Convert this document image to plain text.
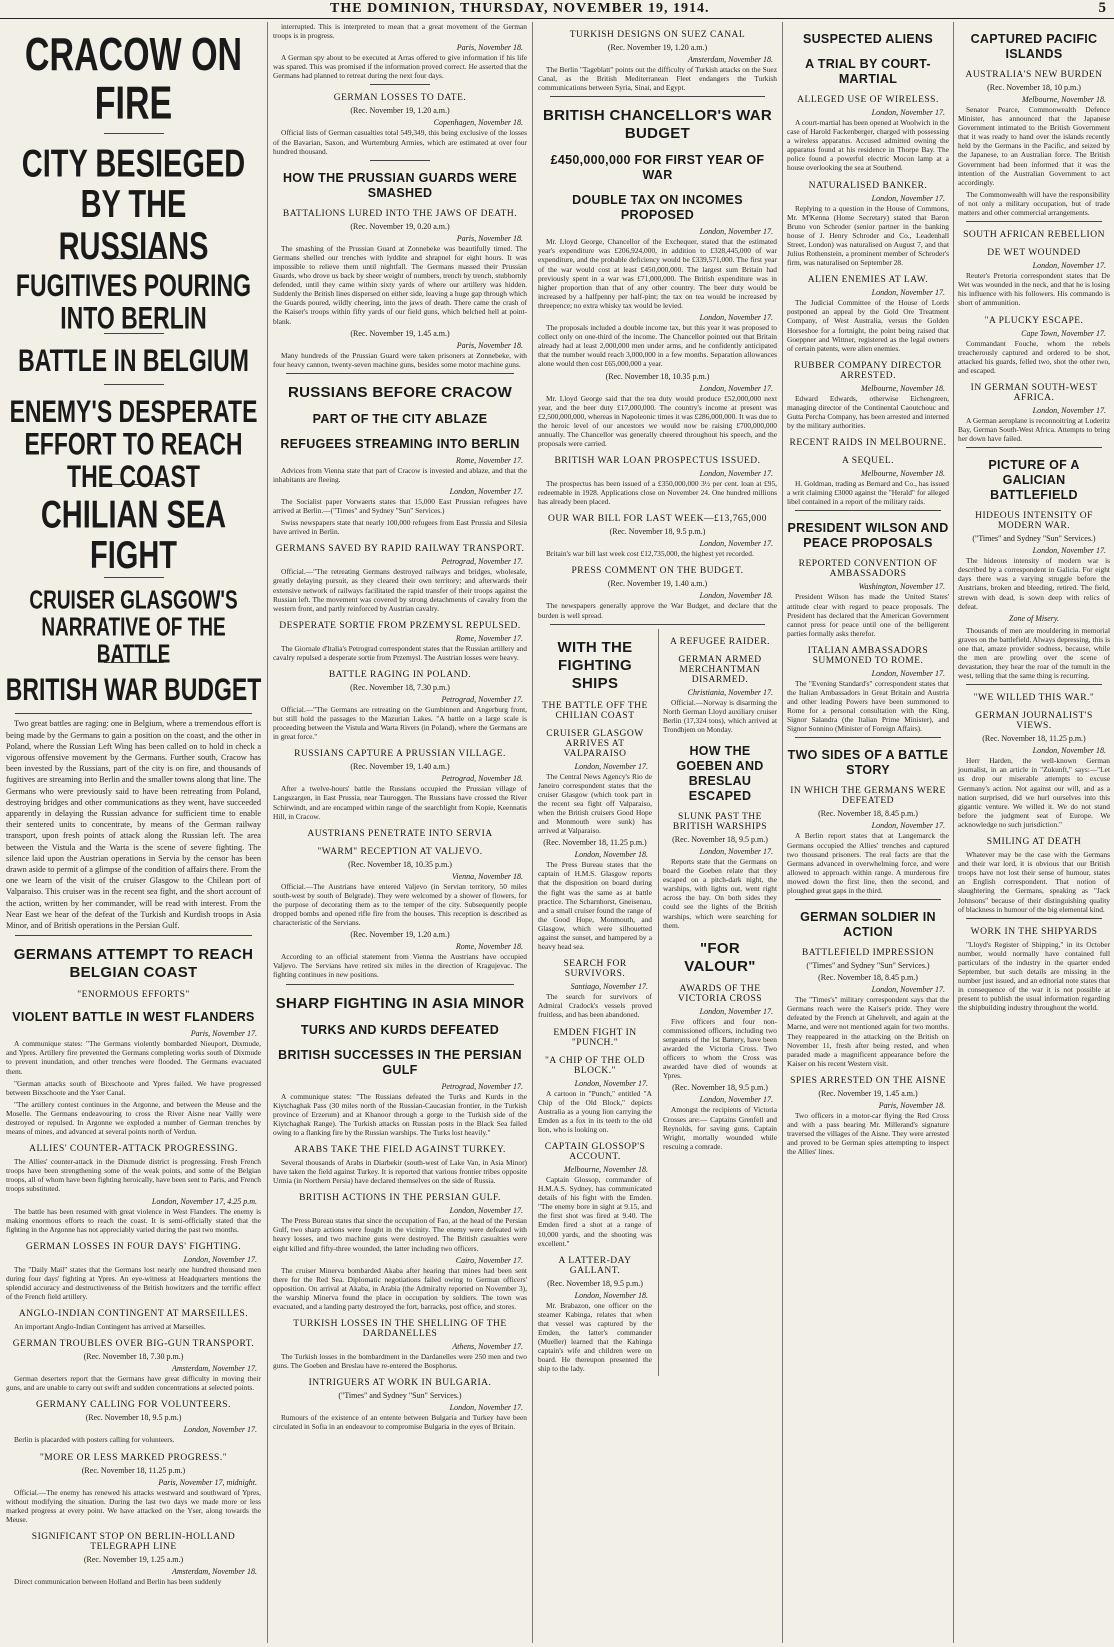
THE DOMINION, THURSDAY, NOVEMBER 19, 1914.	5
CRACOW ON FIRE
CITY BESIEGED BY THE RUSSIANS
FUGITIVES POURING INTO BERLIN
BATTLE IN BELGIUM
ENEMY'S DESPERATE EFFORT TO REACH THE COAST
CHILIAN SEA FIGHT
CRUISER GLASGOW'S NARRATIVE OF THE BATTLE
BRITISH WAR BUDGET

Two great battles are raging: one in Belgium, where a tremendous effort is being made by the Germans to gain a position on the coast, and the other in Poland, where the Russian Left Wing has been called on to hold in check a vigorous offensive movement by the Germans. Further south, Cracow has been invested by the Russians, part of the city is on fire, and thousands of fugitives are streaming into Berlin and the smaller towns along that line. The Germans who were previously said to have been retreating from Poland, destroying bridges and other communications as they went, have succeeded apparently in delaying the Russian advance for sufficient time to enable their sentered units to concentrate, by means of the German railway transport, upon fresh points of attack along the Russian left. The area between the Vistula and the Warta is the scene of severe fighting. The silence laid upon the Austrian operations in Servia by the censor has been drawn aside to permit of a glimpse of the condition of affairs there. From the one we learn of the visit of the cruiser Glasgow to the Chilean port of Valparaiso. This cruiser was in the recent sea fight, and the short account of the action, written by her commander, will be read with interest. From the Near East we hear of the defeat of the Turkish and Kurdish troops in Asia Minor, and of British operations in the Persian Gulf.

GERMANS ATTEMPT TO REACH BELGIAN COAST
"ENORMOUS EFFORTS"
VIOLENT BATTLE IN WEST FLANDERS
Paris, November 17.

A communique states: "The Germans violently bombarded Nieuport, Dixmude, and Ypres. Artillery fire prevented the Germans completing works south of Dixmude to prevent inundation, and other trenches were flooded. The Germans evacuated them.

"German attacks south of Bixschoote and Ypres failed. We have progressed between Bixschoote and the Yser Canal.

"The artillery contest continues in the Argonne, and between the Meuse and the Moselle. The Germans endeavouring to cross the River Aisne near Vailly were destroyed or repulsed. In Argonne we exploded a number of German trenches by means of mines, and advanced at several points north of Verdun.

ALLIES' COUNTER-ATTACK PROGRESSING.

The Allies' counter-attack in the Dixmude district is progressing. Fresh French troops have been strengthening some of the weak points, and some of the Belgian troops, all of whom have been fighting heroically, have been sent to Paris, and French troops substituted.

London, November 17, 4.25 p.m.

The battle has been resumed with great violence in West Flanders. The enemy is making enormous efforts to reach the coast. It is semi-officially stated that the fighting in the Argonne has not appreciably varied during the past two months.

GERMAN LOSSES IN FOUR DAYS' FIGHTING.
London, November 17.

The "Daily Mail" states that the Germans lost nearly one hundred thousand men during four days' fighting at Ypres. An eye-witness at Headquarters mentions the splendid accuracy and destructiveness of the British howitzers and the terrific effect of the French field artillery.

ANGLO-INDIAN CONTINGENT AT MARSEILLES.

An important Anglo-Indian Contingent has arrived at Marseilles.

GERMAN TROUBLES OVER BIG-GUN TRANSPORT.
(Rec. November 18, 7.30 p.m.)
Amsterdam, November 17.

German deserters report that the Germans have great difficulty in moving their guns, and are unable to carry out swift and sudden concentrations at selected points.

GERMANY CALLING FOR VOLUNTEERS.
(Rec. November 18, 9.5 p.m.)
London, November 17.

Berlin is placarded with posters calling for volunteers.

"MORE OR LESS MARKED PROGRESS."
(Rec. November 18, 11.25 p.m.)
Paris, November 17, midnight.

Official.—The enemy has renewed his attacks westward and southward of Ypres, without modifying the situation. During the last two days we made more or less marked progress at every point. We have attacked on the Yser, along towards the Meuse.

SIGNIFICANT STOP ON BERLIN-HOLLAND TELEGRAPH LINE
(Rec. November 19, 1.25 a.m.)
Amsterdam, November 18.

Direct communication between Holland and Berlin has been suddenly

interrupted. This is interpreted to mean that a great movement of the German troops is in progress.

Paris, November 18.

A German spy about to be executed at Arras offered to give information if his life was spared. This was promised if the information proved correct. He asserted that the Germans had planned to retreat during the next four days.

GERMAN LOSSES TO DATE.
(Rec. November 19, 1.20 a.m.)
Copenhagen, November 18.

Official lists of German casualties total 549,349, this being exclusive of the losses of the Bavarian, Saxon, and Wurtemburg Armies, which are estimated at over four hundred thousand.

HOW THE PRUSSIAN GUARDS WERE SMASHED
BATTALIONS LURED INTO THE JAWS OF DEATH.
(Rec. November 19, 0.20 a.m.)
Paris, November 18.

The smashing of the Prussian Guard at Zonnebeke was beautifully timed. The Germans shelled our trenches with lyddite and shrapnel for eight hours. It was impossible to relieve them until nightfall. The Germans massed their Prussian Guards, who drove us back by sheer weight of numbers, trench by trench, stubbornly defended, until they came within sixty yards of where our artillery was hidden. Suddenly the British lines dispersed on either side, leaving a huge gap through which the Guards poured, wildly cheering, into the jaws of death. There came the crash of the Kaiser's troops within fifty yards of our field guns, which belched hell at point-blank.

(Rec. November 19, 1.45 a.m.)
Paris, November 18.

Many hundreds of the Prussian Guard were taken prisoners at Zonnebeke, with four heavy cannon, twenty-seven machine guns, besides some motor machine guns.

RUSSIANS BEFORE CRACOW
PART OF THE CITY ABLAZE
REFUGEES STREAMING INTO BERLIN
Rome, November 17.

Advices from Vienna state that part of Cracow is invested and ablaze, and that the inhabitants are fleeing.

London, November 17.

The Socialist paper Vorwaerts states that 15,000 East Prussian refugees have arrived at Berlin.—("Times" and Sydney "Sun" Services.)

Swiss newspapers state that nearly 100,000 refugees from East Prussia and Silesia have arrived in Berlin.

GERMANS SAVED BY RAPID RAILWAY TRANSPORT.
Petrograd, November 17.

Official.—"The retreating Germans destroyed railways and bridges, wholesale, greatly delaying pursuit, as they cleared their own territory; and afterwards their extensive network of railways facilitated the rapid transfer of their troops against the Russian left. The movement was covered by strong detachments of cavalry from the western front, and partly reinforced by Austrian cavalry.

DESPERATE SORTIE FROM PRZEMYSL REPULSED.
Rome, November 17.

The Giornale d'Italia's Petrograd correspondent states that the Russian artillery and cavalry repulsed a desperate sortie from Przemysl. The Austrian losses were heavy.

BATTLE RAGING IN POLAND.
(Rec. November 18, 7.30 p.m.)
Petrograd, November 17.

Official.—"The Germans are retreating on the Gumbinnen and Angerburg front, but still hold the passages to the Mazurian Lakes. "A battle on a large scale is proceeding between the Vistula and Warta Rivers (in Poland), where the Germans are in great force."

RUSSIANS CAPTURE A PRUSSIAN VILLAGE.
(Rec. November 19, 1.40 a.m.)
Petrograd, November 18.

After a twelve-hours' battle the Russians occupied the Prussian village of Langszargen, in East Prussia, near Tauroggen. The Russians have crossed the River Schirwindt, and are encamped within range of the searchlight from Kopie, Keennatis Hill, in Cracow.

AUSTRIANS PENETRATE INTO SERVIA
"WARM" RECEPTION AT VALJEVO.
(Rec. November 18, 10.35 p.m.)
Vienna, November 18.

Official.—The Austrians have entered Valjevo (in Servian territory, 50 miles south-west by south of Belgrade). They were welcomed by a shower of flowers, for the purpose of decorating them as to the temper of the city. Subsequently people dropped bombs and opened rifle fire from the houses. This reception is described as characteristic of the Servians.

(Rec. November 19, 1.20 a.m.)
Rome, November 18.

According to an official statement from Vienna the Austrians have occupied Valjevo. The Servians have retired six miles in the direction of Kragujevac. The fighting continues in new positions.

SHARP FIGHTING IN ASIA MINOR
TURKS AND KURDS DEFEATED
BRITISH SUCCESSES IN THE PERSIAN GULF
Petrograd, November 17.

A communique states: "The Russians defeated the Turks and Kurds in the Kiytchaghak Pass (30 miles north of the Russian-Caucasian frontier, in the Turkish province of Erzerum) and at Khanoor through a gorge to the Turkish side of the Kiytchaghak Range). The Turkish attacks on Russian posts in the Black Sea failed owing to a flanking fire by the Russian warships. The Turks lost heavily."

ARABS TAKE THE FIELD AGAINST TURKEY.

Several thousands of Arabs in Diarbekir (south-west of Lake Van, in Asia Minor) have taken the field against Turkey. It is reported that various frontier tribes opposite Urmia (in Northern Persia) have declared themselves on the side of Russia.

BRITISH ACTIONS IN THE PERSIAN GULF.
London, November 17.

The Press Bureau states that since the occupation of Fao, at the head of the Persian Gulf, two sharp actions were fought in the vicinity. The enemy were defeated with heavy losses, and two machine guns were destroyed. The British casualties were eight killed and fifty-three wounded, the latter including two officers.

Cairo, November 17.

The cruiser Minerva bombarded Akaba after hearing that mines had been sent there for the Red Sea. Diplomatic negotiations failed owing to German officers' opposition. On arrival at Akaba, in Arabia (the Admiralty reported on November 3), the warship Minerva found the place in occupation by soldiers. The town was evacuated, and a landing party destroyed the fort, barracks, post office, and stores.

TURKISH LOSSES IN THE SHELLING OF THE DARDANELLES
Athens, November 17.

The Turkish losses in the bombardment in the Dardanelles were 250 men and two guns. The Goeben and Breslau have re-entered the Bosphorus.

INTRIGUERS AT WORK IN BULGARIA.
("Times" and Sydney "Sun" Services.)
London, November 17.

Rumours of the existence of an entente between Bulgaria and Turkey have been circulated in Sofia in an endeavour to compromise Bulgaria in the eyes of Britain.

TURKISH DESIGNS ON SUEZ CANAL
(Rec. November 19, 1.20 a.m.)
Amsterdam, November 18.

The Berlin "Tageblatt" points out the difficulty of Turkish attacks on the Suez Canal, as the British Mediterranean Fleet endangers the Turkish communications between Syria, Sinai, and Egypt.

BRITISH CHANCELLOR'S WAR BUDGET
£450,000,000 FOR FIRST YEAR OF WAR
DOUBLE TAX ON INCOMES PROPOSED
London, November 17.

Mr. Lloyd George, Chancellor of the Exchequer, stated that the estimated year's expenditure was £206,924,000, in addition to £328,445,000 of war expenditure, and the probable deficiency would be £339,571,000. The first year of the war would cost at least £450,000,000. The largest sum Britain had previously spent in a war was £71,000,000. The British expenditure was in higher proportion than that of any other country. The beer duty would be increased by a halfpenny per half-pint; the tax on tea would be increased by threepence; no extra whisky tax would be levied.

London, November 17.

The proposals included a double income tax, but this year it was proposed to collect only on one-third of the income. The Chancellor pointed out that Britain already had at least 2,000,000 men under arms, and he confidently anticipated that the number would reach 3,000,000 in a few months. Separation allowances alone would then cost £65,000,000 a year.

(Rec. November 18, 10.35 p.m.)
London, November 17.

Mr. Lloyd George said that the tea duty would produce £52,000,000 next year, and the beer duty £17,000,000. The country's income at present was £2,500,000,000, whereas in Napoleonic times it was £286,000,000. It was due to the heroic level of our ancestors we would now be raising £700,000,000 annually. The Chancellor was generally cheered throughout his speech, and the proposals were carried.

BRITISH WAR LOAN PROSPECTUS ISSUED.
London, November 17.

The prospectus has been issued of a £350,000,000 3½ per cent. loan at £95, redeemable in 1928. Applications close on November 24. One hundred millions has already been placed.

OUR WAR BILL FOR LAST WEEK—£13,765,000
(Rec. November 18, 9.5 p.m.)
London, November 17.

Britain's war bill last week cost £12,735,000, the highest yet recorded.

PRESS COMMENT ON THE BUDGET.
(Rec. November 19, 1.40 a.m.)
London, November 18.

The newspapers generally approve the War Budget, and declare that the burden is well spread.

WITH THE FIGHTING SHIPS
THE BATTLE OFF THE CHILIAN COAST
CRUISER GLASGOW ARRIVES AT VALPARAISO
London, November 17.

The Central News Agency's Rio de Janeiro correspondent states that the cruiser Glasgow (which took part in the recent sea fight off Valparaiso, when the British cruisers Good Hope and Monmouth were sunk) has arrived at Valparaiso.

(Rec. November 18, 11.25 p.m.)
London, November 18.

The Press Bureau states that the captain of H.M.S. Glasgow reports that the disposition on board during the fight was the same as at battle practice. The Scharnhorst, Gneisenau, and a small cruiser found the range of the Good Hope, Monmouth, and Glasgow, which were silhouetted against the sunset, and hampered by a heavy head sea.

SEARCH FOR SURVIVORS.
Santiago, November 17.

The search for survivors of Admiral Cradock's vessels proved fruitless, and has been abandoned.

EMDEN FIGHT IN "PUNCH."
"A CHIP OF THE OLD BLOCK."
London, November 17.

A cartoon in "Punch," entitled "A Chip of the Old Block," depicts Australia as a young lion carrying the Emden as a fox in its teeth to the old lion, who is looking on.

CAPTAIN GLOSSOP'S ACCOUNT.
Melbourne, November 18.

Captain Glossop, commander of H.M.A.S. Sydney, has communicated details of his fight with the Emden. "The enemy bore in sight at 9.15, and the first shot was fired at 9.40. The Emden fired a shot at a range of 10,000 yards, and the shooting was excellent."

A LATTER-DAY GALLANT.
(Rec. November 18, 9.5 p.m.)
London, November 18.

Mr. Brabazon, one officer on the steamer Kabinga, relates that when that vessel was captured by the Emden, the latter's commander (Mueller) learned that the Kabinga captain's wife and children were on board. He thereupon presented the ship to the lady.

A REFUGEE RAIDER.
GERMAN ARMED MERCHANTMAN DISARMED.
Christiania, November 17.

Official.—Norway is disarming the North German Lloyd auxiliary cruiser Berlin (17,324 tons), which arrived at Trondhjem on Monday.

HOW THE GOEBEN AND BRESLAU ESCAPED
SLUNK PAST THE BRITISH WARSHIPS
(Rec. November 18, 9.5 p.m.)
London, November 17.

Reports state that the Germans on board the Goeben relate that they escaped on a pitch-dark night, the warships, with lights out, went right across the bay. On both sides they could see the lights of the British warships, which were searching for them.

"FOR VALOUR"
AWARDS OF THE VICTORIA CROSS
London, November 17.

Five officers and four non-commissioned officers, including two sergeants of the 1st Battery, have been awarded the Victoria Cross. Two officers to whom the Cross was awarded have died of wounds at Ypres.

(Rec. November 18, 9.5 p.m.)
London, November 17.

Amongst the recipients of Victoria Crosses are:— Captains Grenfell and Reynolds, for saving guns. Captain Wright, mortally wounded while rescuing a comrade.

SUSPECTED ALIENS
A TRIAL BY COURT-MARTIAL
ALLEGED USE OF WIRELESS.
London, November 17.

A court-martial has been opened at Woolwich in the case of Harold Fackenberger, charged with possessing a wireless apparatus. Accused admitted owning the apparatus found at his residence in Thorpe Bay. The police found a powerful electric Mocon lamp at a house overlooking the sea at Southend.

NATURALISED BANKER.
London, November 17.

Replying to a question in the House of Commons, Mr. M'Kenna (Home Secretary) stated that Baron Bruno von Schroder (senior partner in the banking house of J. Henry Schroder and Co., Leadenhall Street, London) was naturalised on August 7, and that Julius Rothenstein, a prominent member of Schroder's firm, was naturalised on September 28.

ALIEN ENEMIES AT LAW.
London, November 17.

The Judicial Committee of the House of Lords postponed an appeal by the Gold Ore Treatment Company, of West Australia, versus the Golden Horseshoe for a fortnight, the point being raised that Goeppner and Wittner, registered as the legal owners of certain patents, were alien enemies.

RUBBER COMPANY DIRECTOR ARRESTED.
Melbourne, November 18.

Edward Edwards, otherwise Eichengreen, managing director of the Continental Caoutchouc and Gutta Percha Company, has been arrested and interned by the military authorities.

RECENT RAIDS IN MELBOURNE.
A SEQUEL.
Melbourne, November 18.

H. Goldman, trading as Bernard and Co., has issued a writ claiming £3000 against the "Herald" for alleged libel contained in a report of the military raids.

PRESIDENT WILSON AND PEACE PROPOSALS
REPORTED CONVENTION OF AMBASSADORS
Washington, November 17.

President Wilson has made the United States' attitude clear with regard to peace proposals. The President has declared that the American Government cannot press for peace until one of the belligerent parties formally asks therefor.

ITALIAN AMBASSADORS SUMMONED TO ROME.
London, November 17.

The "Evening Standard's" correspondent states that the Italian Ambassadors in Great Britain and Austria and other leading Powers have been summoned to Rome for a personal consultation with the King, Signor Salandra (the Italian Prime Minister), and Signor Sonnino (Minister of Foreign Affairs).

TWO SIDES OF A BATTLE STORY
IN WHICH THE GERMANS WERE DEFEATED
(Rec. November 18, 8.45 p.m.)
London, November 17.

A Berlin report states that at Langemarck the Germans occupied the Allies' trenches and captured two thousand prisoners. The real facts are that the Germans advanced in overwhelming force, and were allowed to approach within range. A murderous fire mowed down the first line, then the second, and ploughed great gaps in the third.

GERMAN SOLDIER IN ACTION
BATTLEFIELD IMPRESSION
("Times" and Sydney "Sun" Services.)
(Rec. November 18, 8.45 p.m.)
London, November 17.

The "Times's" military correspondent says that the Germans reach were the Kaiser's pride. They were defeated by the French at Gheluvelt, and again at the Marne, and were not mentioned again for two months. They reappeared in the attacking on the British on November 11, fresh after being rested, and when paraded made a magnificent appearance before the Kaiser on his recent Western visit.

SPIES ARRESTED ON THE AISNE
(Rec. November 19, 1.45 a.m.)
Paris, November 18.

Two officers in a motor-car flying the Red Cross and with a pass bearing Mr. Millerand's signature traversed the villages of the Aisne. They were arrested and proved to be German spies attempting to inspect the Allies' lines.

CAPTURED PACIFIC ISLANDS
AUSTRALIA'S NEW BURDEN
(Rec. November 18, 10 p.m.)
Melbourne, November 18.

Senator Pearce, Commonwealth Defence Minister, has announced that the Japanese Government intimated to the British Government that it was ready to hand over the islands recently held by the Germans in the Pacific, and seized by the Japanese, to an Australian force. The British Government had been informed that it was the intention of the Australian Government to act accordingly.

The Commonwealth will have the responsibility of not only a military occupation, but of trade matters and other commercial arrangements.

SOUTH AFRICAN REBELLION
DE WET WOUNDED
London, November 17.

Reuter's Pretoria correspondent states that De Wet was wounded in the neck, and that he is losing his influence with his followers. His commando is short of ammunition.

"A PLUCKY ESCAPE.
Cape Town, November 17.

Commandant Fouche, whom the rebels treacherously captured and ordered to be shot, attacked his guards, felled two, shot the other two, and escaped.

IN GERMAN SOUTH-WEST AFRICA.
London, November 17.

A German aeroplane is reconnoitring at Luderitz Bay, German South-West Africa. Attempts to bring her down have failed.

PICTURE OF A GALICIAN BATTLEFIELD
HIDEOUS INTENSITY OF MODERN WAR.
("Times" and Sydney "Sun" Services.)
London, November 17.

The hideous intensity of modern war is described by a correspondent in Galicia. For eight days there was a varying struggle before the Austrians, broken and bleeding, retired. The field, strewn with dead, is sown deep with relics of defeat.

Zone of Misery.

Thousands of men are mouldering in memorial graves on the battlefield. Always depressing, this is one that, amaze provider sodness, because, while the men are prowling over the scene of devastation, they hear the roar of the tumult in the west, telling that the same thing is recurring.

"WE WILLED THIS WAR."
GERMAN JOURNALIST'S VIEWS.
(Rec. November 18, 11.25 p.m.)
London, November 18.

Herr Harden, the well-known German journalist, in an article in "Zukunft," says:—"Let us drop our miserable attempts to excuse Germany's action. Not against our will, and as a nation surprised, did we hurl ourselves into this gigantic venture. We willed it. We do not stand before the judgment seat of Europe. We acknowledge no such jurisdiction."

SMILING AT DEATH

Whatever may be the case with the Germans and their war lord, it is obvious that our British troops have not lost their sense of humour, states an English correspondent. That notion of slaughtering the Germans, speaking as "Jack Johnsons" because of their distinguishing quality of blackness in humour of the big elemental kind.

WORK IN THE SHIPYARDS

"Lloyd's Register of Shipping," in its October number, would normally have contained full particulars of the industry in the quarter ended September, but such details are missing in the number just issued, and an editorial note states that in consequence of the war it is not possible at present to publish the usual information regarding the shipbuilding industry throughout the world.
